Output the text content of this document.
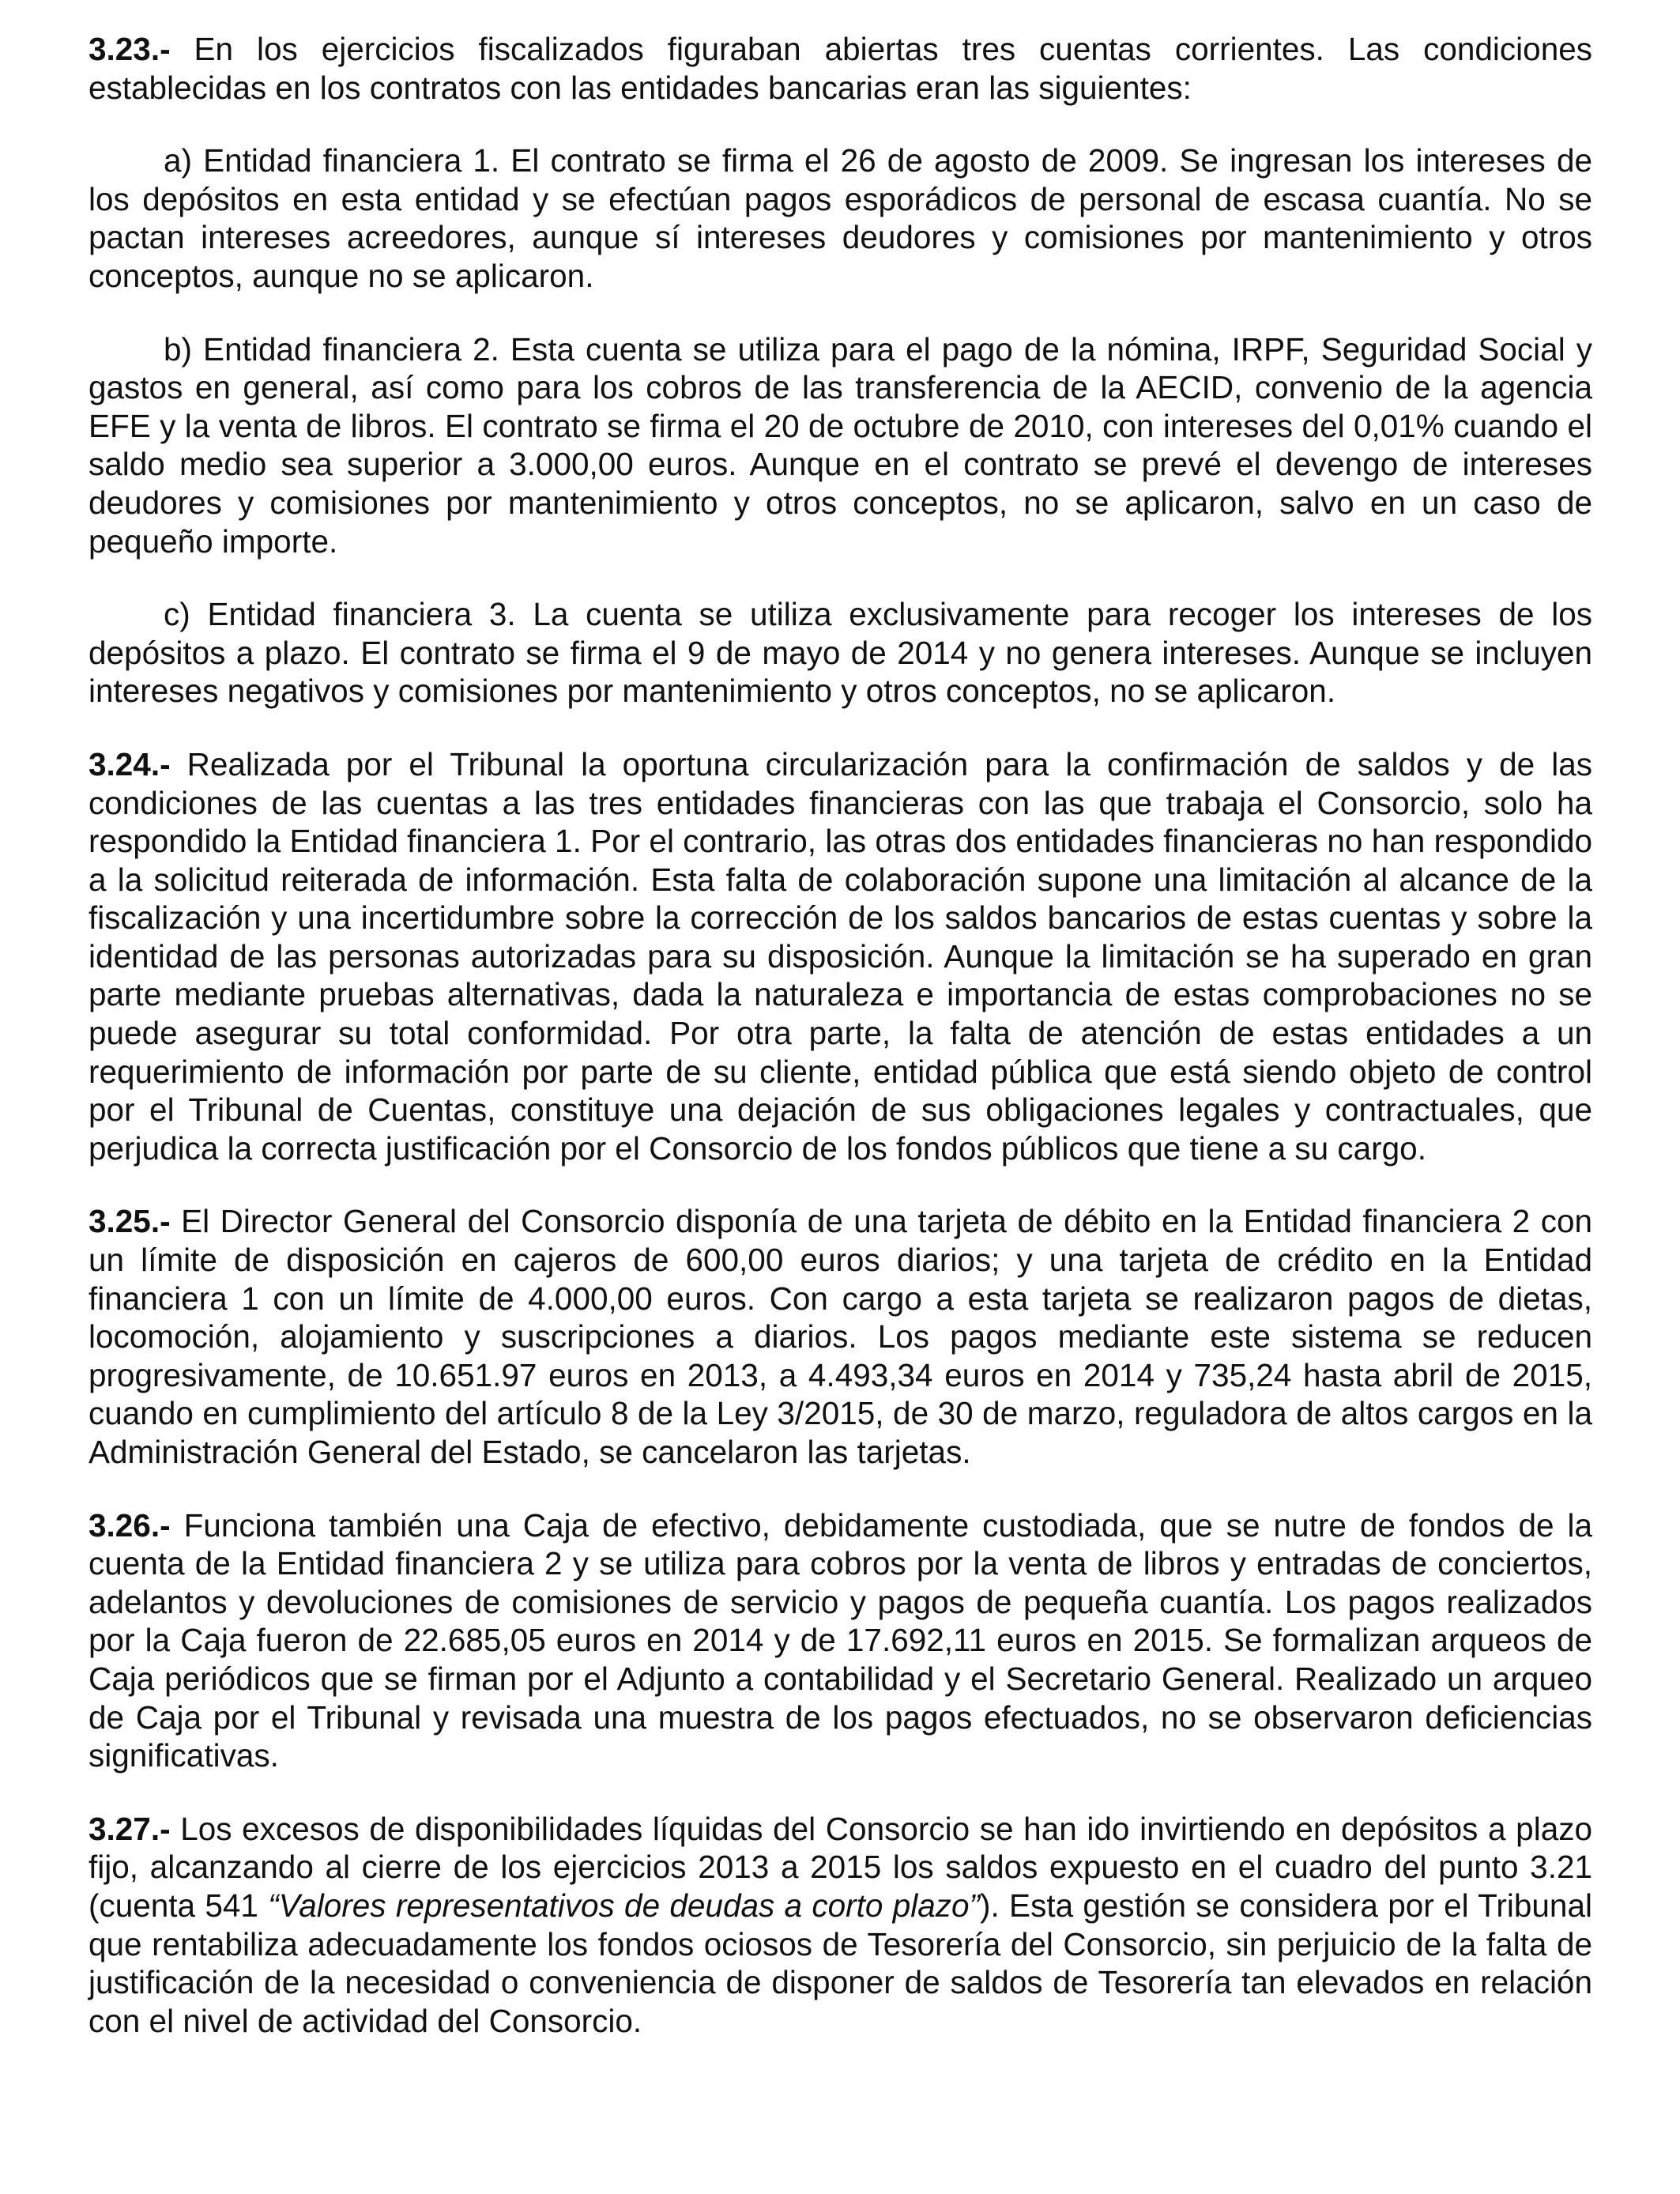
3.23.- En los ejercicios fiscalizados figuraban abiertas tres cuentas corrientes. Las condiciones establecidas en los contratos con las entidades bancarias eran las siguientes:

a) Entidad financiera 1. El contrato se firma el 26 de agosto de 2009. Se ingresan los intereses de los depósitos en esta entidad y se efectúan pagos esporádicos de personal de escasa cuantía. No se pactan intereses acreedores, aunque sí intereses deudores y comisiones por mantenimiento y otros conceptos, aunque no se aplicaron.

b) Entidad financiera 2. Esta cuenta se utiliza para el pago de la nómina, IRPF, Seguridad Social y gastos en general, así como para los cobros de las transferencia de la AECID, convenio de la agencia EFE y la venta de libros. El contrato se firma el 20 de octubre de 2010, con intereses del 0,01% cuando el saldo medio sea superior a 3.000,00 euros. Aunque en el contrato se prevé el devengo de intereses deudores y comisiones por mantenimiento y otros conceptos, no se aplicaron, salvo en un caso de pequeño importe.

c) Entidad financiera 3. La cuenta se utiliza exclusivamente para recoger los intereses de los depósitos a plazo. El contrato se firma el 9 de mayo de 2014 y no genera intereses. Aunque se incluyen intereses negativos y comisiones por mantenimiento y otros conceptos, no se aplicaron.

3.24.- Realizada por el Tribunal la oportuna circularización para la confirmación de saldos y de las condiciones de las cuentas a las tres entidades financieras con las que trabaja el Consorcio, solo ha respondido la Entidad financiera 1. Por el contrario, las otras dos entidades financieras no han respondido a la solicitud reiterada de información. Esta falta de colaboración supone una limitación al alcance de la fiscalización y una incertidumbre sobre la corrección de los saldos bancarios de estas cuentas y sobre la identidad de las personas autorizadas para su disposición. Aunque la limitación se ha superado en gran parte mediante pruebas alternativas, dada la naturaleza e importancia de estas comprobaciones no se puede asegurar su total conformidad. Por otra parte, la falta de atención de estas entidades a un requerimiento de información por parte de su cliente, entidad pública que está siendo objeto de control por el Tribunal de Cuentas, constituye una dejación de sus obligaciones legales y contractuales, que perjudica la correcta justificación por el Consorcio de los fondos públicos que tiene a su cargo.

3.25.- El Director General del Consorcio disponía de una tarjeta de débito en la Entidad financiera 2 con un límite de disposición en cajeros de 600,00 euros diarios; y una tarjeta de crédito en la Entidad financiera 1 con un límite de 4.000,00 euros. Con cargo a esta tarjeta se realizaron pagos de dietas, locomoción, alojamiento y suscripciones a diarios. Los pagos mediante este sistema se reducen progresivamente, de 10.651.97 euros en 2013, a 4.493,34 euros en 2014 y 735,24 hasta abril de 2015, cuando en cumplimiento del artículo 8 de la Ley 3/2015, de 30 de marzo, reguladora de altos cargos en la Administración General del Estado, se cancelaron las tarjetas.

3.26.- Funciona también una Caja de efectivo, debidamente custodiada, que se nutre de fondos de la cuenta de la Entidad financiera 2 y se utiliza para cobros por la venta de libros y entradas de conciertos, adelantos y devoluciones de comisiones de servicio y pagos de pequeña cuantía. Los pagos realizados por la Caja fueron de 22.685,05 euros en 2014 y de 17.692,11 euros en 2015. Se formalizan arqueos de Caja periódicos que se firman por el Adjunto a contabilidad y el Secretario General. Realizado un arqueo de Caja por el Tribunal y revisada una muestra de los pagos efectuados, no se observaron deficiencias significativas.

3.27.- Los excesos de disponibilidades líquidas del Consorcio se han ido invirtiendo en depósitos a plazo fijo, alcanzando al cierre de los ejercicios 2013 a 2015 los saldos expuesto en el cuadro del punto 3.21 (cuenta 541 “Valores representativos de deudas a corto plazo”). Esta gestión se considera por el Tribunal que rentabiliza adecuadamente los fondos ociosos de Tesorería del Consorcio, sin perjuicio de la falta de justificación de la necesidad o conveniencia de disponer de saldos de Tesorería tan elevados en relación con el nivel de actividad del Consorcio.
